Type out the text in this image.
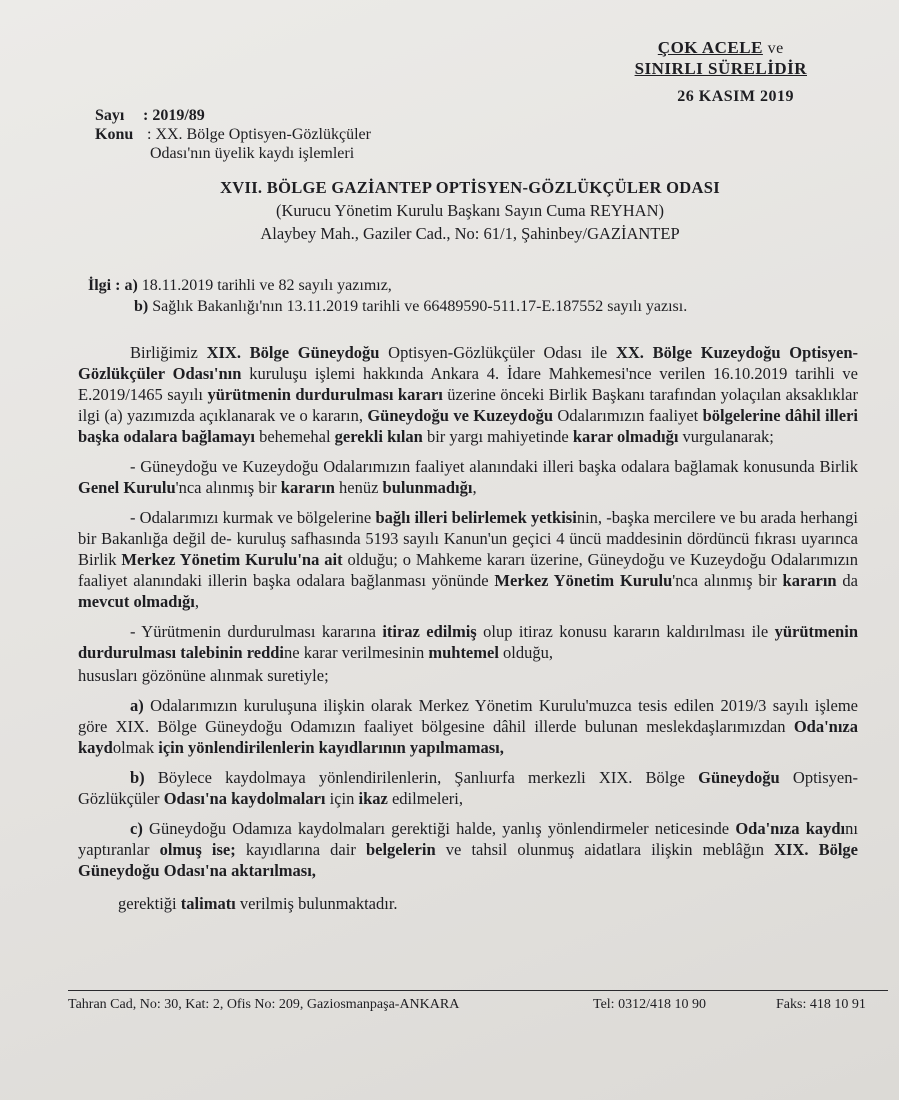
ÇOK ACELE ve
SINIRLI SÜRELİDİR
26 KASIM 2019
Sayı : 2019/89
Konu : XX. Bölge Optisyen-Gözlükçüler
Odası'nın üyelik kaydı işlemleri
XVII. BÖLGE GAZİANTEP OPTİSYEN-GÖZLÜKÇÜLER ODASI
(Kurucu Yönetim Kurulu Başkanı Sayın Cuma REYHAN)
Alaybey Mah., Gaziler Cad., No: 61/1, Şahinbey/GAZİANTEP
İlgi : a) 18.11.2019 tarihli ve 82 sayılı yazımız,
b) Sağlık Bakanlığı'nın 13.11.2019 tarihli ve 66489590-511.17-E.187552 sayılı yazısı.

Birliğimiz XIX. Bölge Güneydoğu Optisyen-Gözlükçüler Odası ile XX. Bölge Kuzeydoğu Optisyen-Gözlükçüler Odası'nın kuruluşu işlemi hakkında Ankara 4. İdare Mahkemesi'nce verilen 16.10.2019 tarihli ve E.2019/1465 sayılı yürütmenin durdurulması kararı üzerine önceki Birlik Başkanı tarafından yolaçılan aksaklıklar ilgi (a) yazımızda açıklanarak ve o kararın, Güneydoğu ve Kuzeydoğu Odalarımızın faaliyet bölgelerine dâhil illeri başka odalara bağlamayı behemehal gerekli kılan bir yargı mahiyetinde karar olmadığı vurgulanarak;

- Güneydoğu ve Kuzeydoğu Odalarımızın faaliyet alanındaki illeri başka odalara bağlamak konusunda Birlik Genel Kurulu'nca alınmış bir kararın henüz bulunmadığı,

- Odalarımızı kurmak ve bölgelerine bağlı illeri belirlemek yetkisinin, -başka mercilere ve bu arada herhangi bir Bakanlığa değil de- kuruluş safhasında 5193 sayılı Kanun'un geçici 4 üncü maddesinin dördüncü fıkrası uyarınca Birlik Merkez Yönetim Kurulu'na ait olduğu; o Mahkeme kararı üzerine, Güneydoğu ve Kuzeydoğu Odalarımızın faaliyet alanındaki illerin başka odalara bağlanması yönünde Merkez Yönetim Kurulu'nca alınmış bir kararın da mevcut olmadığı,

- Yürütmenin durdurulması kararına itiraz edilmiş olup itiraz konusu kararın kaldırılması ile yürütmenin durdurulması talebinin reddine karar verilmesinin muhtemel olduğu,

hususları gözönüne alınmak suretiyle;

a) Odalarımızın kuruluşuna ilişkin olarak Merkez Yönetim Kurulu'muzca tesis edilen 2019/3 sayılı işleme göre XIX. Bölge Güneydoğu Odamızın faaliyet bölgesine dâhil illerde bulunan meslekdaşlarımızdan Oda'nıza kaydolmak için yönlendirilenlerin kayıdlarının yapılmaması,

b) Böylece kaydolmaya yönlendirilenlerin, Şanlıurfa merkezli XIX. Bölge Güneydoğu Optisyen-Gözlükçüler Odası'na kaydolmaları için ikaz edilmeleri,

c) Güneydoğu Odamıza kaydolmaları gerektiği halde, yanlış yönlendirmeler neticesinde Oda'nıza kaydını yaptıranlar olmuş ise; kayıdlarına dair belgelerin ve tahsil olunmuş aidatlara ilişkin meblâğın XIX. Bölge Güneydoğu Odası'na aktarılması,

gerektiği talimatı verilmiş bulunmaktadır.

Tahran Cad, No: 30, Kat: 2, Ofis No: 209, Gaziosmanpaşa-ANKARA	Tel: 0312/418 10 90	Faks: 418 10 91
